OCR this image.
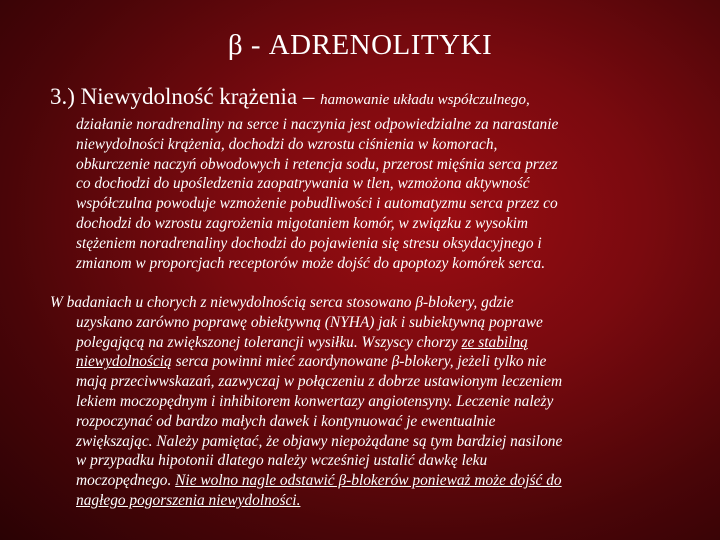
β - ADRENOLITYKI
3.) Niewydolność krążenia – hamowanie układu współczulnego,
działanie noradrenaliny na serce i naczynia jest odpowiedzialne za narastanie
niewydolności krążenia, dochodzi do wzrostu ciśnienia w komorach,
obkurczenie naczyń obwodowych i retencja sodu, przerost mięśnia serca przez
co dochodzi do upośledzenia zaopatrywania w tlen, wzmożona aktywność
współczulna powoduje wzmożenie pobudliwości i automatyzmu serca przez co
dochodzi do wzrostu zagrożenia migotaniem komór, w związku z wysokim
stężeniem noradrenaliny dochodzi do pojawienia się stresu oksydacyjnego i
zmianom w proporcjach receptorów może dojść do apoptozy komórek serca.
W badaniach u chorych z niewydolnością serca stosowano β-blokery, gdzie
uzyskano zarówno poprawę obiektywną (NYHA) jak i subiektywną poprawe
polegającą na zwiększonej tolerancji wysiłku. Wszyscy chorzy ze stabilną
niewydolnością serca powinni mieć zaordynowane β-blokery, jeżeli tylko nie
mają przeciwwskazań, zazwyczaj w połączeniu z dobrze ustawionym leczeniem
lekiem moczopędnym i inhibitorem konwertazy angiotensyny. Leczenie należy
rozpoczynać od bardzo małych dawek i kontynuować je ewentualnie
zwiększając. Należy pamiętać, że objawy niepożądane są tym bardziej nasilone
w przypadku hipotonii dlatego należy wcześniej ustalić dawkę leku
moczopędnego. Nie wolno nagle odstawić β-blokerów ponieważ może dojść do
nagłego pogorszenia niewydolności.
